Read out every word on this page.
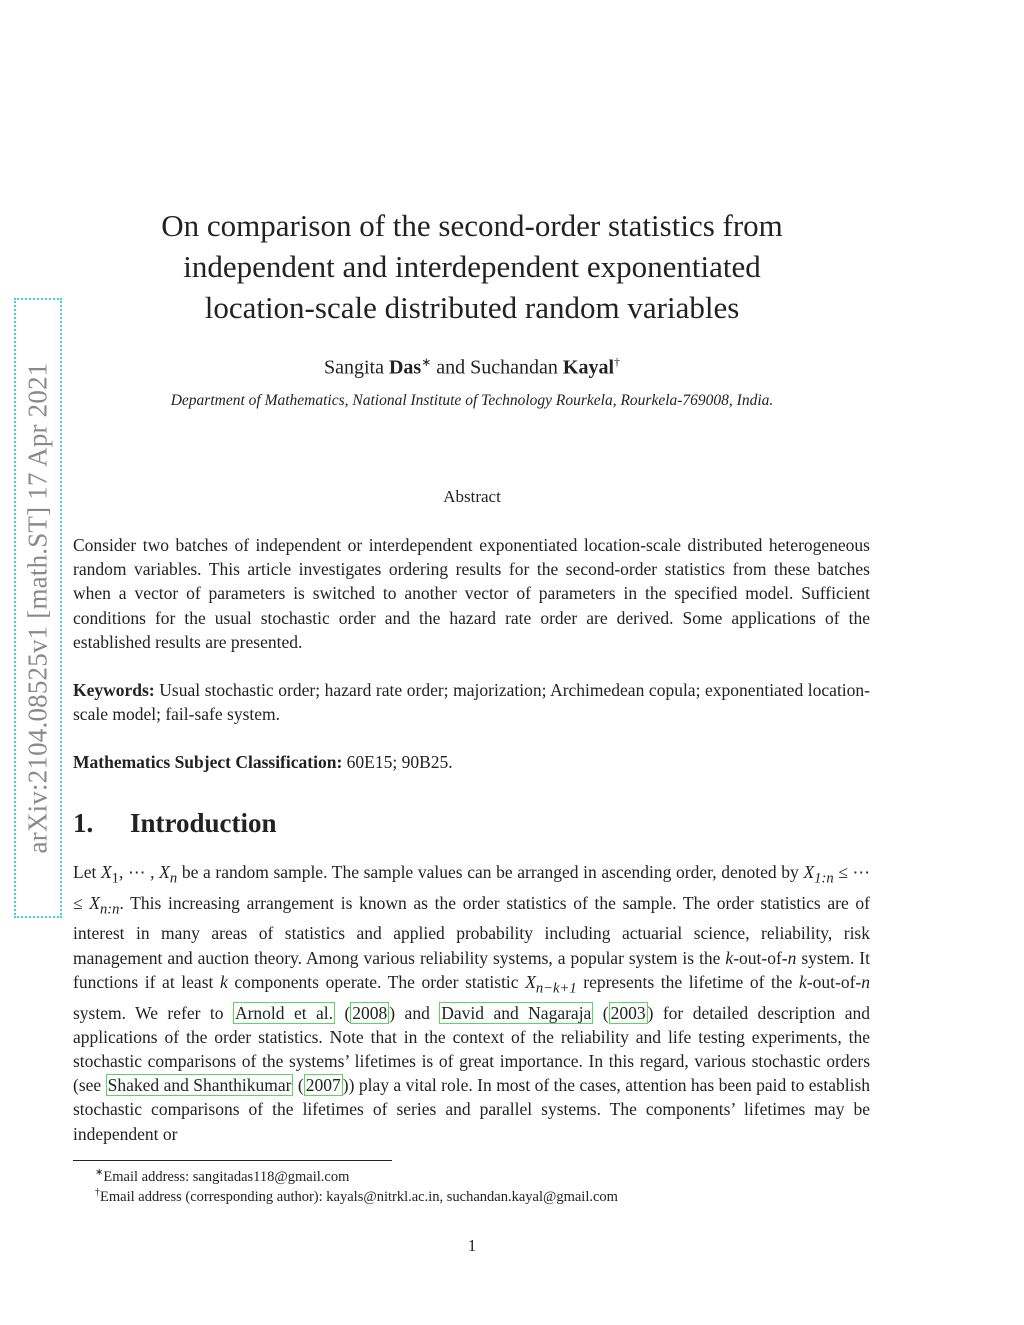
arXiv:2104.08525v1 [math.ST] 17 Apr 2021
On comparison of the second-order statistics from
independent and interdependent exponentiated
location-scale distributed random variables
Sangita Das∗ and Suchandan Kayal†
Department of Mathematics, National Institute of Technology Rourkela, Rourkela-769008, India.
Abstract
Consider two batches of independent or interdependent exponentiated location-scale distributed heterogeneous random variables. This article investigates ordering results for the second-order statistics from these batches when a vector of parameters is switched to another vector of parameters in the specified model. Sufficient conditions for the usual stochastic order and the hazard rate order are derived. Some applications of the established results are presented.
Keywords: Usual stochastic order; hazard rate order; majorization; Archimedean copula; exponentiated location-scale model; fail-safe system.
Mathematics Subject Classification: 60E15; 90B25.
1. Introduction
Let $X_1$, ⋯ , $X_n$ be a random sample. The sample values can be arranged in ascending order, denoted by $X_{1:n}$ ≤ ⋯ ≤ $X_{n:n}$. This increasing arrangement is known as the order statistics of the sample. The order statistics are of interest in many areas of statistics and applied probability including actuarial science, reliability, risk management and auction theory. Among various reliability systems, a popular system is the k-out-of-n system. It functions if at least k components operate. The order statistic $X_{n-k+1}$ represents the lifetime of the k-out-of-n system. We refer to Arnold et al. ( 2008 ) and David and Nagaraja ( 2003 ) for detailed description and applications of the order statistics. Note that in the context of the reliability and life testing experiments, the stochastic comparisons of the systems’ lifetimes is of great importance. In this regard, various stochastic orders (see Shaked and Shanthikumar ( 2007 )) play a vital role. In most of the cases, attention has been paid to establish stochastic comparisons of the lifetimes of series and parallel systems. The components’ lifetimes may be independent or
∗Email address: sangitadas118@gmail.com
†Email address (corresponding author): kayals@nitrkl.ac.in, suchandan.kayal@gmail.com
1
